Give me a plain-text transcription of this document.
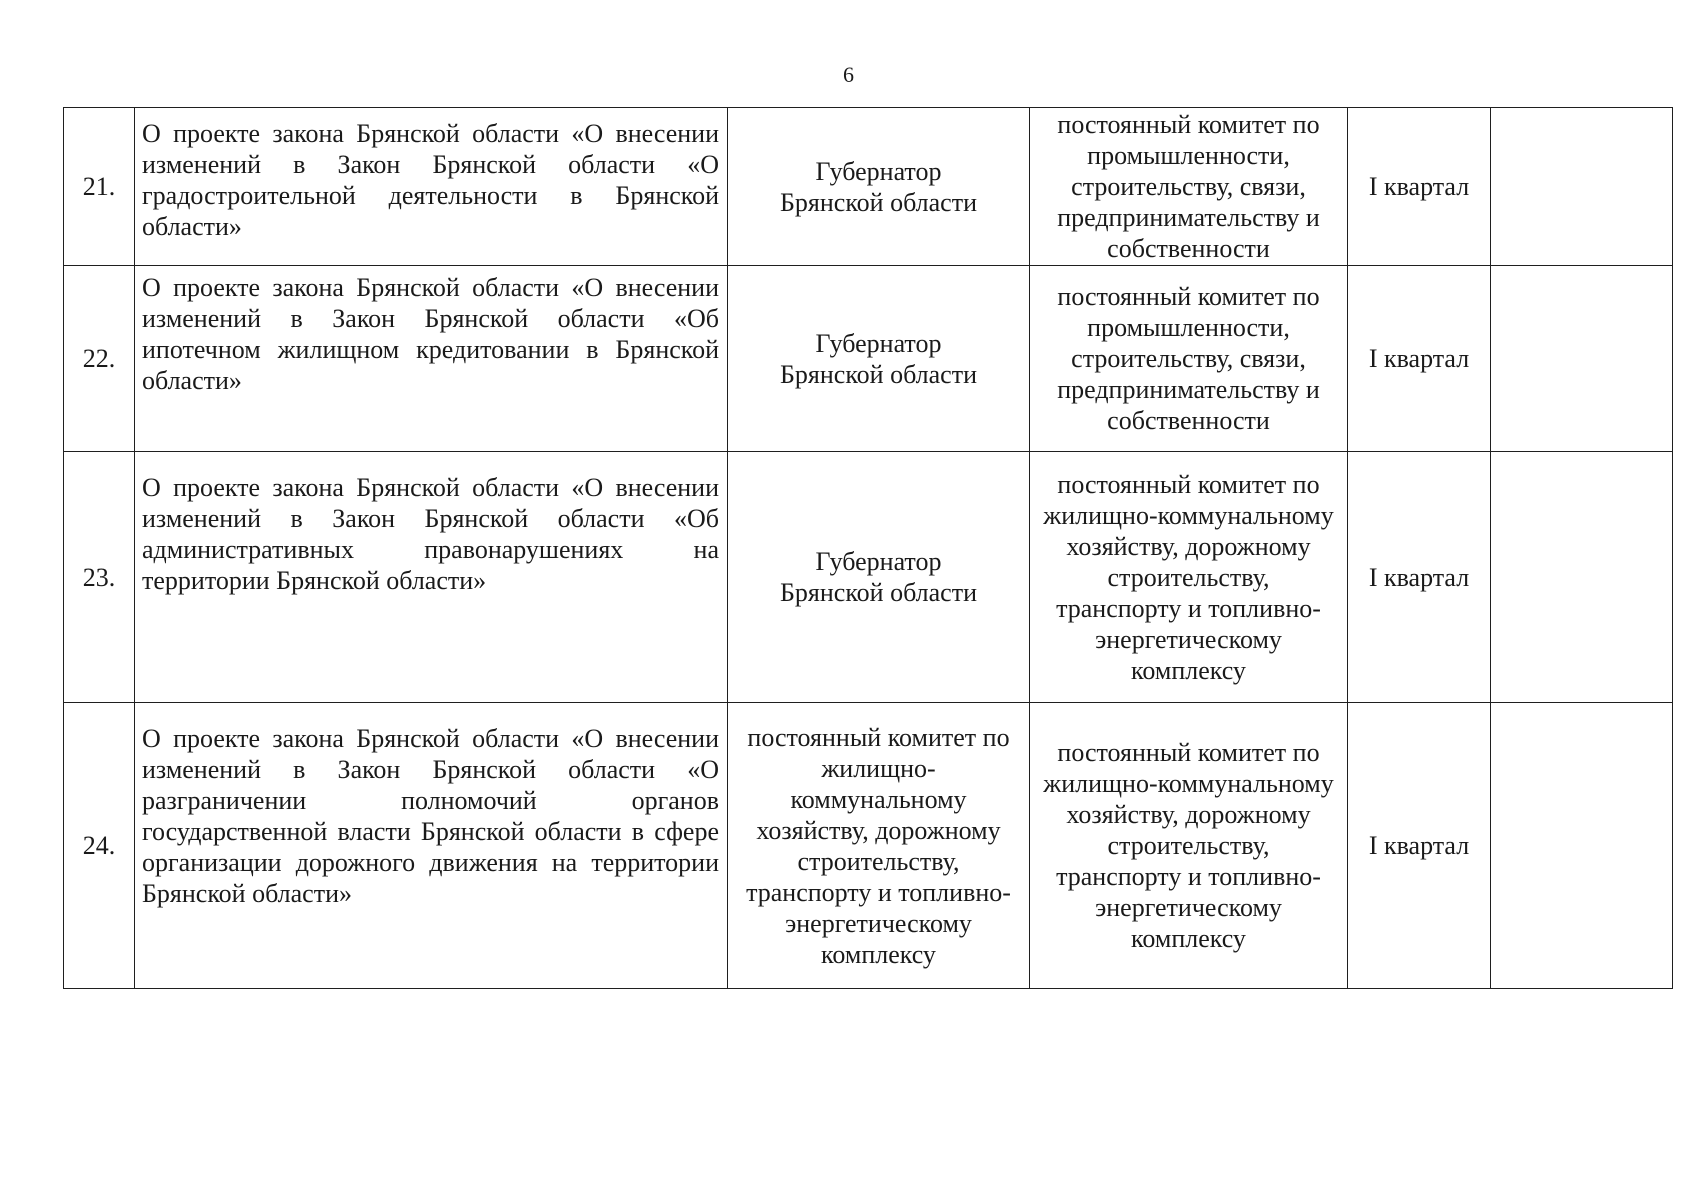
6
21.	О проекте закона Брянской области «О внесении изменений в Закон Брянской области «О градостроительной деятельности в Брянской области»	Губернатор Брянской области	постоянный комитет по промышленности, строительству, связи, предпринимательству и собственности	I квартал	
22.	О проекте закона Брянской области «О внесении изменений в Закон Брянской области «Об ипотечном жилищном кредитовании в Брянской области»	Губернатор Брянской области	постоянный комитет по промышленности, строительству, связи, предпринимательству и собственности	I квартал	
23.	О проекте закона Брянской области «О внесении изменений в Закон Брянской области «Об административных правонарушениях на территории Брянской области»	Губернатор Брянской области	постоянный комитет по жилищно-коммунальному хозяйству, дорожному строительству, транспорту и топливно-энергетическому комплексу	I квартал	
24.	О проекте закона Брянской области «О внесении изменений в Закон Брянской области «О разграничении полномочий органов государственной власти Брянской области в сфере организации дорожного движения на территории Брянской области»	постоянный комитет по жилищно-коммунальному хозяйству, дорожному строительству, транспорту и топливно-энергетическому комплексу	постоянный комитет по жилищно-коммунальному хозяйству, дорожному строительству, транспорту и топливно-энергетическому комплексу	I квартал	
